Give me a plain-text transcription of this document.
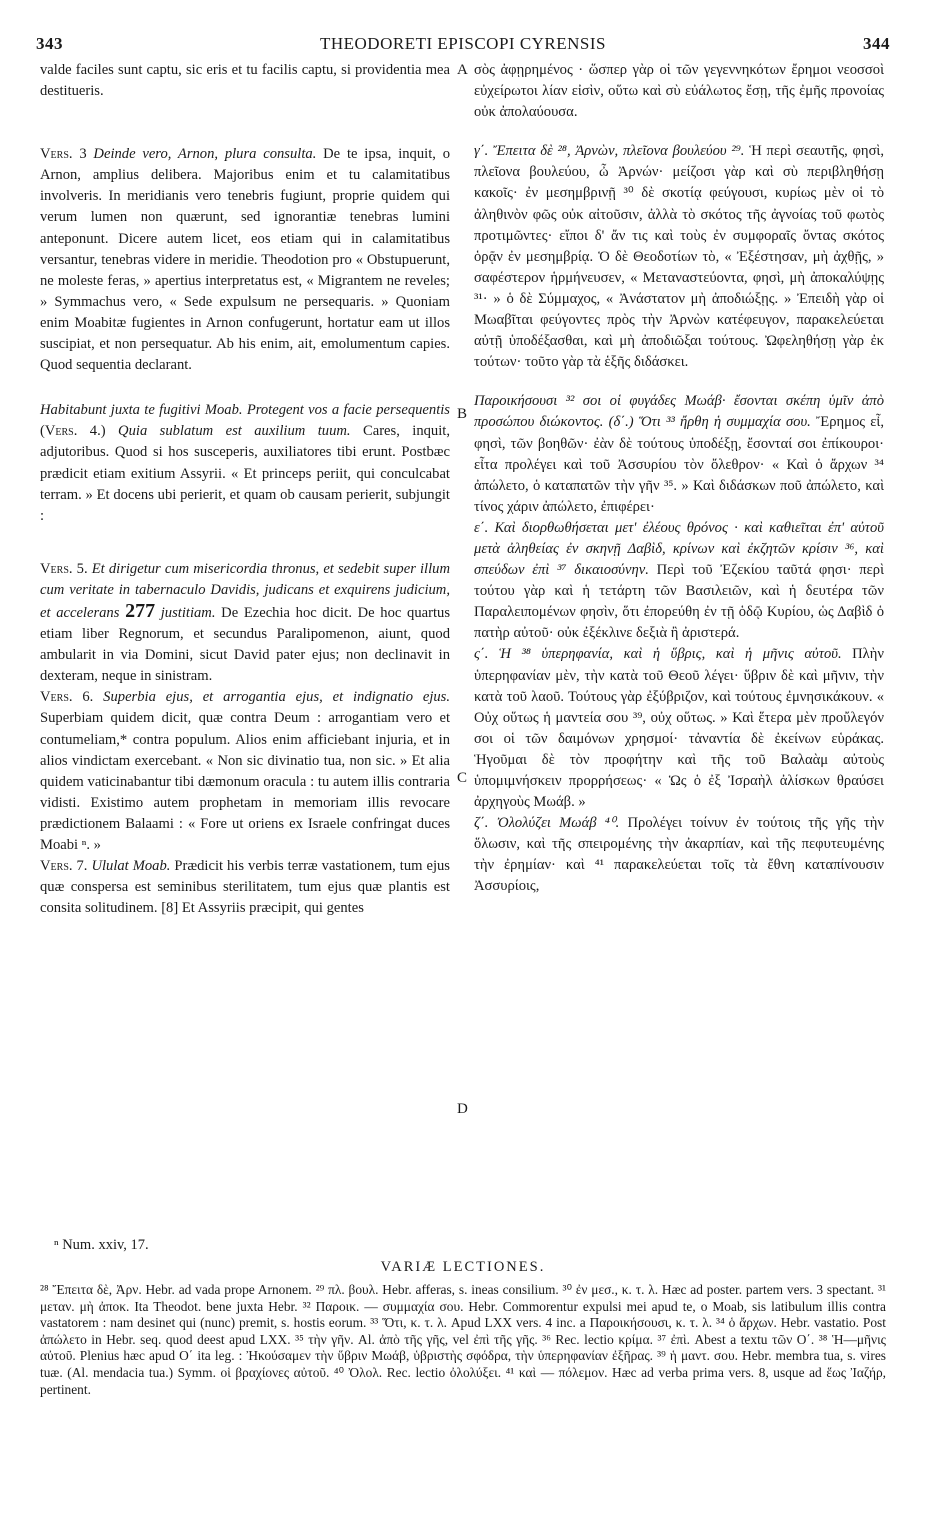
343	THEODORETI EPISCOPI CYRENSIS	344
A
B
C
D

valde faciles sunt captu, sic eris et tu facilis captu, si providentia mea destitueris.

Vers. 3 Deinde vero, Arnon, plura consulta. De te ipsa, inquit, o Arnon, amplius delibera. Majoribus enim et tu calamitatibus involveris. In meridianis vero tenebris fugiunt, proprie quidem qui verum lumen non quærunt, sed ignorantiæ tenebras lumini anteponunt. Dicere autem licet, eos etiam qui in calamitatibus versantur, tenebras videre in meridie. Theodotion pro « Obstupuerunt, ne moleste feras, » apertius interpretatus est, « Migrantem ne reveles; » Symmachus vero, « Sede expulsum ne persequaris. » Quoniam enim Moabitæ fugientes in Arnon confugerunt, hortatur eam ut illos suscipiat, et non persequatur. Ab his enim, ait, emolumentum capies. Quod sequentia declarant.

Habitabunt juxta te fugitivi Moab. Protegent vos a facie persequentis (Vers. 4.) Quia sublatum est auxilium tuum. Cares, inquit, adjutoribus. Quod si hos susceperis, auxiliatores tibi erunt. Postbæc prædicit etiam exitium Assyrii. « Et princeps periit, qui conculcabat terram. » Et docens ubi perierit, et quam ob causam perierit, subjungit :

Vers. 5. Et dirigetur cum misericordia thronus, et sedebit super illum cum veritate in tabernaculo Davidis, judicans et exquirens judicium, et accelerans 277 justitiam. De Ezechia hoc dicit. De hoc quartus etiam liber Regnorum, et secundus Paralipomenon, aiunt, quod ambularit in via Domini, sicut David pater ejus; non declinavit in dexteram, neque in sinistram.

Vers. 6. Superbia ejus, et arrogantia ejus, et indignatio ejus. Superbiam quidem dicit, quæ contra Deum : arrogantiam vero et contumeliam,* contra populum. Alios enim afficiebant injuria, et in alios vindictam exercebant. « Non sic divinatio tua, non sic. » Et alia quidem vaticinabantur tibi dæmonum oracula : tu autem illis contraria vidisti. Existimo autem prophetam in memoriam illis revocare prædictionem Balaami : « Fore ut oriens ex Israele confringat duces Moabi ⁿ. »

Vers. 7. Ululat Moab. Prædicit his verbis terræ vastationem, tum ejus quæ conspersa est seminibus sterilitatem, tum ejus quæ plantis est consita solitudinem. [8] Et Assyriis præcipit, qui gentes

σὸς ἀφῃρημένος · ὥσπερ γὰρ οἱ τῶν γεγεννηκότων ἔρημοι νεοσσοὶ εὐχείρωτοι λίαν εἰσὶν, οὕτω καὶ σὺ εὐάλωτος ἔσῃ, τῆς ἐμῆς προνοίας οὐκ ἀπολαύουσα.

γ΄. Ἔπειτα δὲ ²⁸, Ἀρνὼν, πλεῖονα βουλεύου ²⁹. Ἡ περὶ σεαυτῆς, φησὶ, πλεῖονα βουλεύου, ὦ Ἀρνών· μείζοσι γὰρ καὶ σὺ περιβληθήσῃ κακοῖς· ἐν μεσημβρινῇ ³⁰ δὲ σκοτίᾳ φεύγουσι, κυρίως μὲν οἱ τὸ ἀληθινὸν φῶς οὐκ αἰτοῦσιν, ἀλλὰ τὸ σκότος τῆς ἀγνοίας τοῦ φωτὸς προτιμῶντες· εἴποι δ' ἄν τις καὶ τοὺς ἐν συμφοραῖς ὄντας σκότος ὁρᾷν ἐν μεσημβρίᾳ. Ὁ δὲ Θεοδοτίων τὸ, « Ἐξέστησαν, μὴ ἀχθῇς, » σαφέστερον ἡρμήνευσεν, « Μεταναστεύοντα, φησὶ, μὴ ἀποκαλύψῃς ³¹· » ὁ δὲ Σύμμαχος, « Ἀνάστατον μὴ ἀποδιώξῃς. » Ἐπειδὴ γὰρ οἱ Μωαβῖται φεύγοντες πρὸς τὴν Ἀρνὼν κατέφευγον, παρακελεύεται αὐτῇ ὑποδέξασθαι, καὶ μὴ ἀποδιῶξαι τούτους. Ὠφεληθήσῃ γὰρ ἐκ τούτων· τοῦτο γὰρ τὰ ἑξῆς διδάσκει.

Παροικήσουσι ³² σοι οἱ φυγάδες Μωάβ· ἔσονται σκέπη ὑμῖν ἀπὸ προσώπου διώκοντος. (δ΄.) Ὅτι ³³ ἤρθη ἡ συμμαχία σου. Ἔρημος εἶ, φησὶ, τῶν βοηθῶν· ἐὰν δὲ τούτους ὑποδέξῃ, ἔσονταί σοι ἐπίκουροι· εἶτα προλέγει καὶ τοῦ Ἀσσυρίου τὸν ὄλεθρον· « Καὶ ὁ ἄρχων ³⁴ ἀπώλετο, ὁ καταπατῶν τὴν γῆν ³⁵. » Καὶ διδάσκων ποῦ ἀπώλετο, καὶ τίνος χάριν ἀπώλετο, ἐπιφέρει·

ε΄. Καὶ διορθωθήσεται μετ' ἐλέους θρόνος · καὶ καθιεῖται ἐπ' αὐτοῦ μετὰ ἀληθείας ἐν σκηνῇ Δαβὶδ, κρίνων καὶ ἐκζητῶν κρίσιν ³⁶, καὶ σπεύδων ἐπὶ ³⁷ δικαιοσύνην. Περὶ τοῦ Ἐζεκίου ταῦτά φησι· περὶ τούτου γὰρ καὶ ἡ τετάρτη τῶν Βασιλειῶν, καὶ ἡ δευτέρα τῶν Παραλειπομένων φησὶν, ὅτι ἐπορεύθη ἐν τῇ ὁδῷ Κυρίου, ὡς Δαβὶδ ὁ πατὴρ αὐτοῦ· οὐκ ἐξέκλινε δεξιὰ ἢ ἀριστερά.

ς΄. Ἡ ³⁸ ὑπερηφανία, καὶ ἡ ὕβρις, καὶ ἡ μῆνις αὐτοῦ. Πλὴν ὑπερηφανίαν μὲν, τὴν κατὰ τοῦ Θεοῦ λέγει· ὕβριν δὲ καὶ μῆνιν, τὴν κατὰ τοῦ λαοῦ. Τούτους γὰρ ἐξύβριζον, καὶ τούτους ἐμνησικάκουν. « Οὐχ οὕτως ἡ μαντεία σου ³⁹, οὐχ οὕτως. » Καὶ ἕτερα μὲν προὔλεγόν σοι οἱ τῶν δαιμόνων χρησμοί· τἀναντία δὲ ἐκείνων εὑράκας. Ἡγοῦμαι δὲ τὸν προφήτην καὶ τῆς τοῦ Βαλαὰμ αὐτοὺς ὑπομιμνήσκειν προρρήσεως· « Ὡς ὁ ἐξ Ἰσραὴλ ἀλίσκων θραύσει ἀρχηγοὺς Μωάβ. »

ζ΄. Ὀλολύζει Μωάβ ⁴⁰. Προλέγει τοίνυν ἐν τούτοις τῆς γῆς τὴν ὅλωσιν, καὶ τῆς σπειρομένης τὴν ἀκαρπίαν, καὶ τῆς πεφυτευμένης τὴν ἐρημίαν· καὶ ⁴¹ παρακελεύεται τοῖς τὰ ἔθνη καταπίνουσιν Ἀσσυρίοις,

ⁿ Num. xxiv, 17.
VARIÆ LECTIONES.

²⁸ Ἔπειτα δὲ, Ἀρν. Hebr. ad vada prope Arnonem. ²⁹ πλ. βουλ. Hebr. afferas, s. ineas consilium. ³⁰ ἐν μεσ., κ. τ. λ. Hæc ad poster. partem vers. 3 spectant. ³¹ μεταν. μὴ ἀποκ. Ita Theodot. bene juxta Hebr. ³² Παροικ. — συμμαχία σου. Hebr. Commorentur expulsi mei apud te, o Moab, sis latibulum illis contra vastatorem : nam desinet qui (nunc) premit, s. hostis eorum. ³³ Ὅτι, κ. τ. λ. Apud LXX vers. 4 inc. a Παροικήσουσι, κ. τ. λ. ³⁴ ὁ ἄρχων. Hebr. vastatio. Post ἀπώλετο in Hebr. seq. quod deest apud LXX. ³⁵ τὴν γῆν. Al. ἀπὸ τῆς γῆς, vel ἐπὶ τῆς γῆς. ³⁶ Rec. lectio κρίμα. ³⁷ ἐπὶ. Abest a textu τῶν Ο΄. ³⁸ Ἡ—μῆνις αὐτοῦ. Plenius hæc apud Ο΄ ita leg. : Ἠκούσαμεν τὴν ὕβριν Μωάβ, ὑβριστὴς σφόδρα, τὴν ὑπερηφανίαν ἐξῆρας. ³⁹ ἡ μαντ. σου. Hebr. membra tua, s. vires tuæ. (Al. mendacia tua.) Symm. οἱ βραχίονες αὐτοῦ. ⁴⁰ Ὀλολ. Rec. lectio ὀλολύξει. ⁴¹ καὶ — πόλεμον. Hæc ad verba prima vers. 8, usque ad ἕως Ἰαζήρ, pertinent.
